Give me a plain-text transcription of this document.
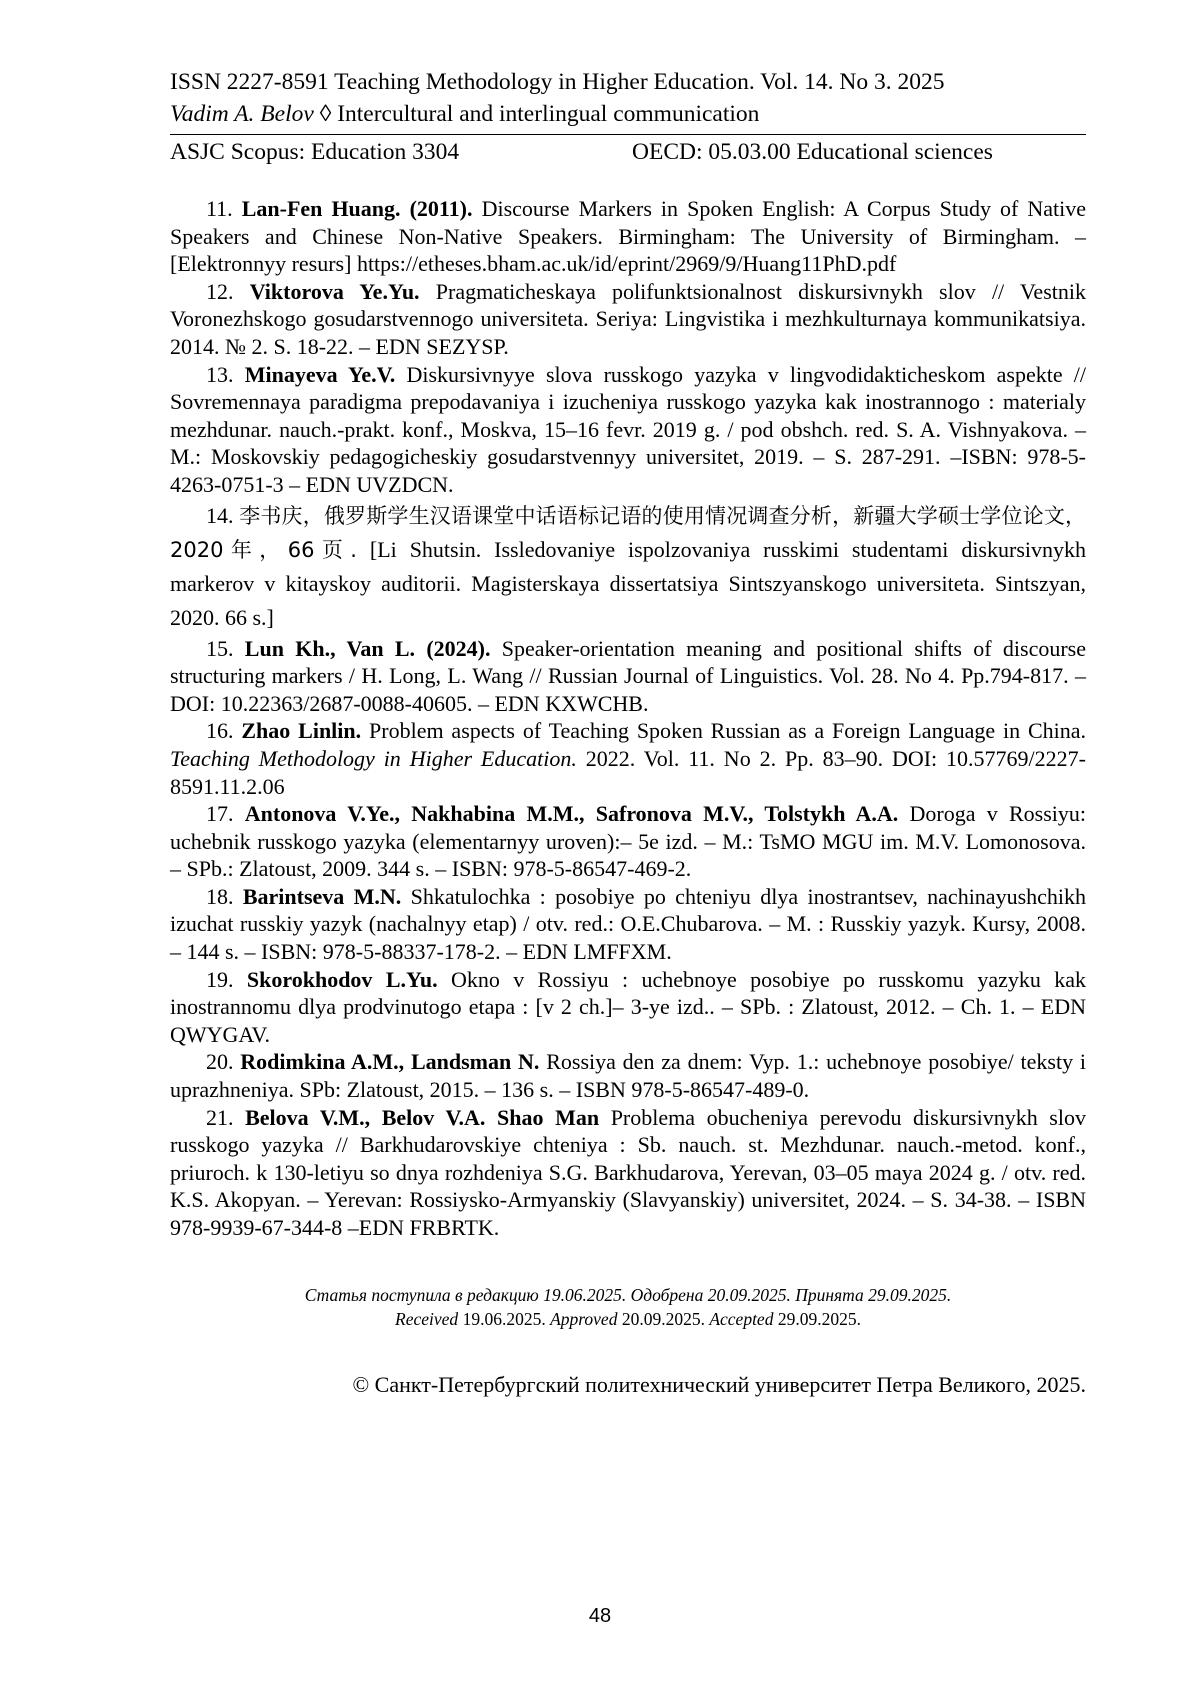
ISSN 2227-8591 Teaching Methodology in Higher Education. Vol. 14. No 3. 2025
Vadim A. Belov ◊ Intercultural and interlingual communication
ASJC Scopus: Education 3304	OECD: 05.03.00 Educational sciences

11. Lan-Fen Huang. (2011). Discourse Markers in Spoken English: A Corpus Study of Native Speakers and Chinese Non-Native Speakers. Birmingham: The University of Birmingham. – [Elektronnyy resurs] https://etheses.bham.ac.uk/id/eprint/2969/9/Huang11PhD.pdf

12. Viktorova Ye.Yu. Pragmaticheskaya polifunktsionalnost diskursivnykh slov // Vestnik Voronezhskogo gosudarstvennogo universiteta. Seriya: Lingvistika i mezhkulturnaya kommunikatsiya. 2014. № 2. S. 18-22. – EDN SEZYSP.

13. Minayeva Ye.V. Diskursivnyye slova russkogo yazyka v lingvodidakticheskom aspekte // Sovremennaya paradigma prepodavaniya i izucheniya russkogo yazyka kak inostrannogo : materialy mezhdunar. nauch.-prakt. konf., Moskva, 15–16 fevr. 2019 g. / pod obshch. red. S. A. Vishnyakova. – M.: Moskovskiy pedagogicheskiy gosudarstvennyy universitet, 2019. – S. 287-291. –ISBN: 978-5-4263-0751-3 – EDN UVZDCN.

14. 李书庆，俄罗斯学生汉语课堂中话语标记语的使用情况调查分析，新疆大学硕士学位论文，2020年，66页. [Li Shutsin. Issledovaniye ispolzovaniya russkimi studentami diskursivnykh markerov v kitayskoy auditorii. Magisterskaya dissertatsiya Sintszyanskogo universiteta. Sintszyan, 2020. 66 s.]

15. Lun Kh., Van L. (2024). Speaker-orientation meaning and positional shifts of discourse structuring markers / H. Long, L. Wang // Russian Journal of Linguistics. Vol. 28. No 4. Pp.794-817. – DOI: 10.22363/2687-0088-40605. – EDN KXWCHB.

16. Zhao Linlin. Problem aspects of Teaching Spoken Russian as a Foreign Language in China. Teaching Methodology in Higher Education. 2022. Vol. 11. No 2. Pp. 83–90. DOI: 10.57769/2227-8591.11.2.06

17. Antonova V.Ye., Nakhabina M.M., Safronova M.V., Tolstykh A.A. Doroga v Rossiyu: uchebnik russkogo yazyka (elementarnyy uroven):– 5e izd. – M.: TsMO MGU im. M.V. Lomonosova. – SPb.: Zlatoust, 2009. 344 s. – ISBN: 978-5-86547-469-2.

18. Barintseva M.N. Shkatulochka : posobiye po chteniyu dlya inostrantsev, nachinayushchikh izuchat russkiy yazyk (nachalnyy etap) / otv. red.: O.E.Chubarova. – M. : Russkiy yazyk. Kursy, 2008. – 144 s. – ISBN: 978-5-88337-178-2. – EDN LMFFXM.

19. Skorokhodov L.Yu. Okno v Rossiyu : uchebnoye posobiye po russkomu yazyku kak inostrannomu dlya prodvinutogo etapa : [v 2 ch.]– 3-ye izd.. – SPb. : Zlatoust, 2012. – Ch. 1. – EDN QWYGAV.

20. Rodimkina A.M., Landsman N. Rossiya den za dnem: Vyp. 1.: uchebnoye posobiye/ teksty i uprazhneniya. SPb: Zlatoust, 2015. – 136 s. – ISBN 978-5-86547-489-0.

21. Belova V.M., Belov V.A. Shao Man Problema obucheniya perevodu diskursivnykh slov russkogo yazyka // Barkhudarovskiye chteniya : Sb. nauch. st. Mezhdunar. nauch.-metod. konf., priuroch. k 130-letiyu so dnya rozhdeniya S.G. Barkhudarova, Yerevan, 03–05 maya 2024 g. / otv. red. K.S. Akopyan. – Yerevan: Rossiysko-Armyanskiy (Slavyanskiy) universitet, 2024. – S. 34-38. – ISBN 978-9939-67-344-8 –EDN FRBRTK.

Статья поступила в редакцию 19.06.2025. Одобрена 20.09.2025. Принята 29.09.2025.
Received 19.06.2025. Approved 20.09.2025. Accepted 29.09.2025.
© Санкт-Петербургский политехнический университет Петра Великого, 2025.
48
